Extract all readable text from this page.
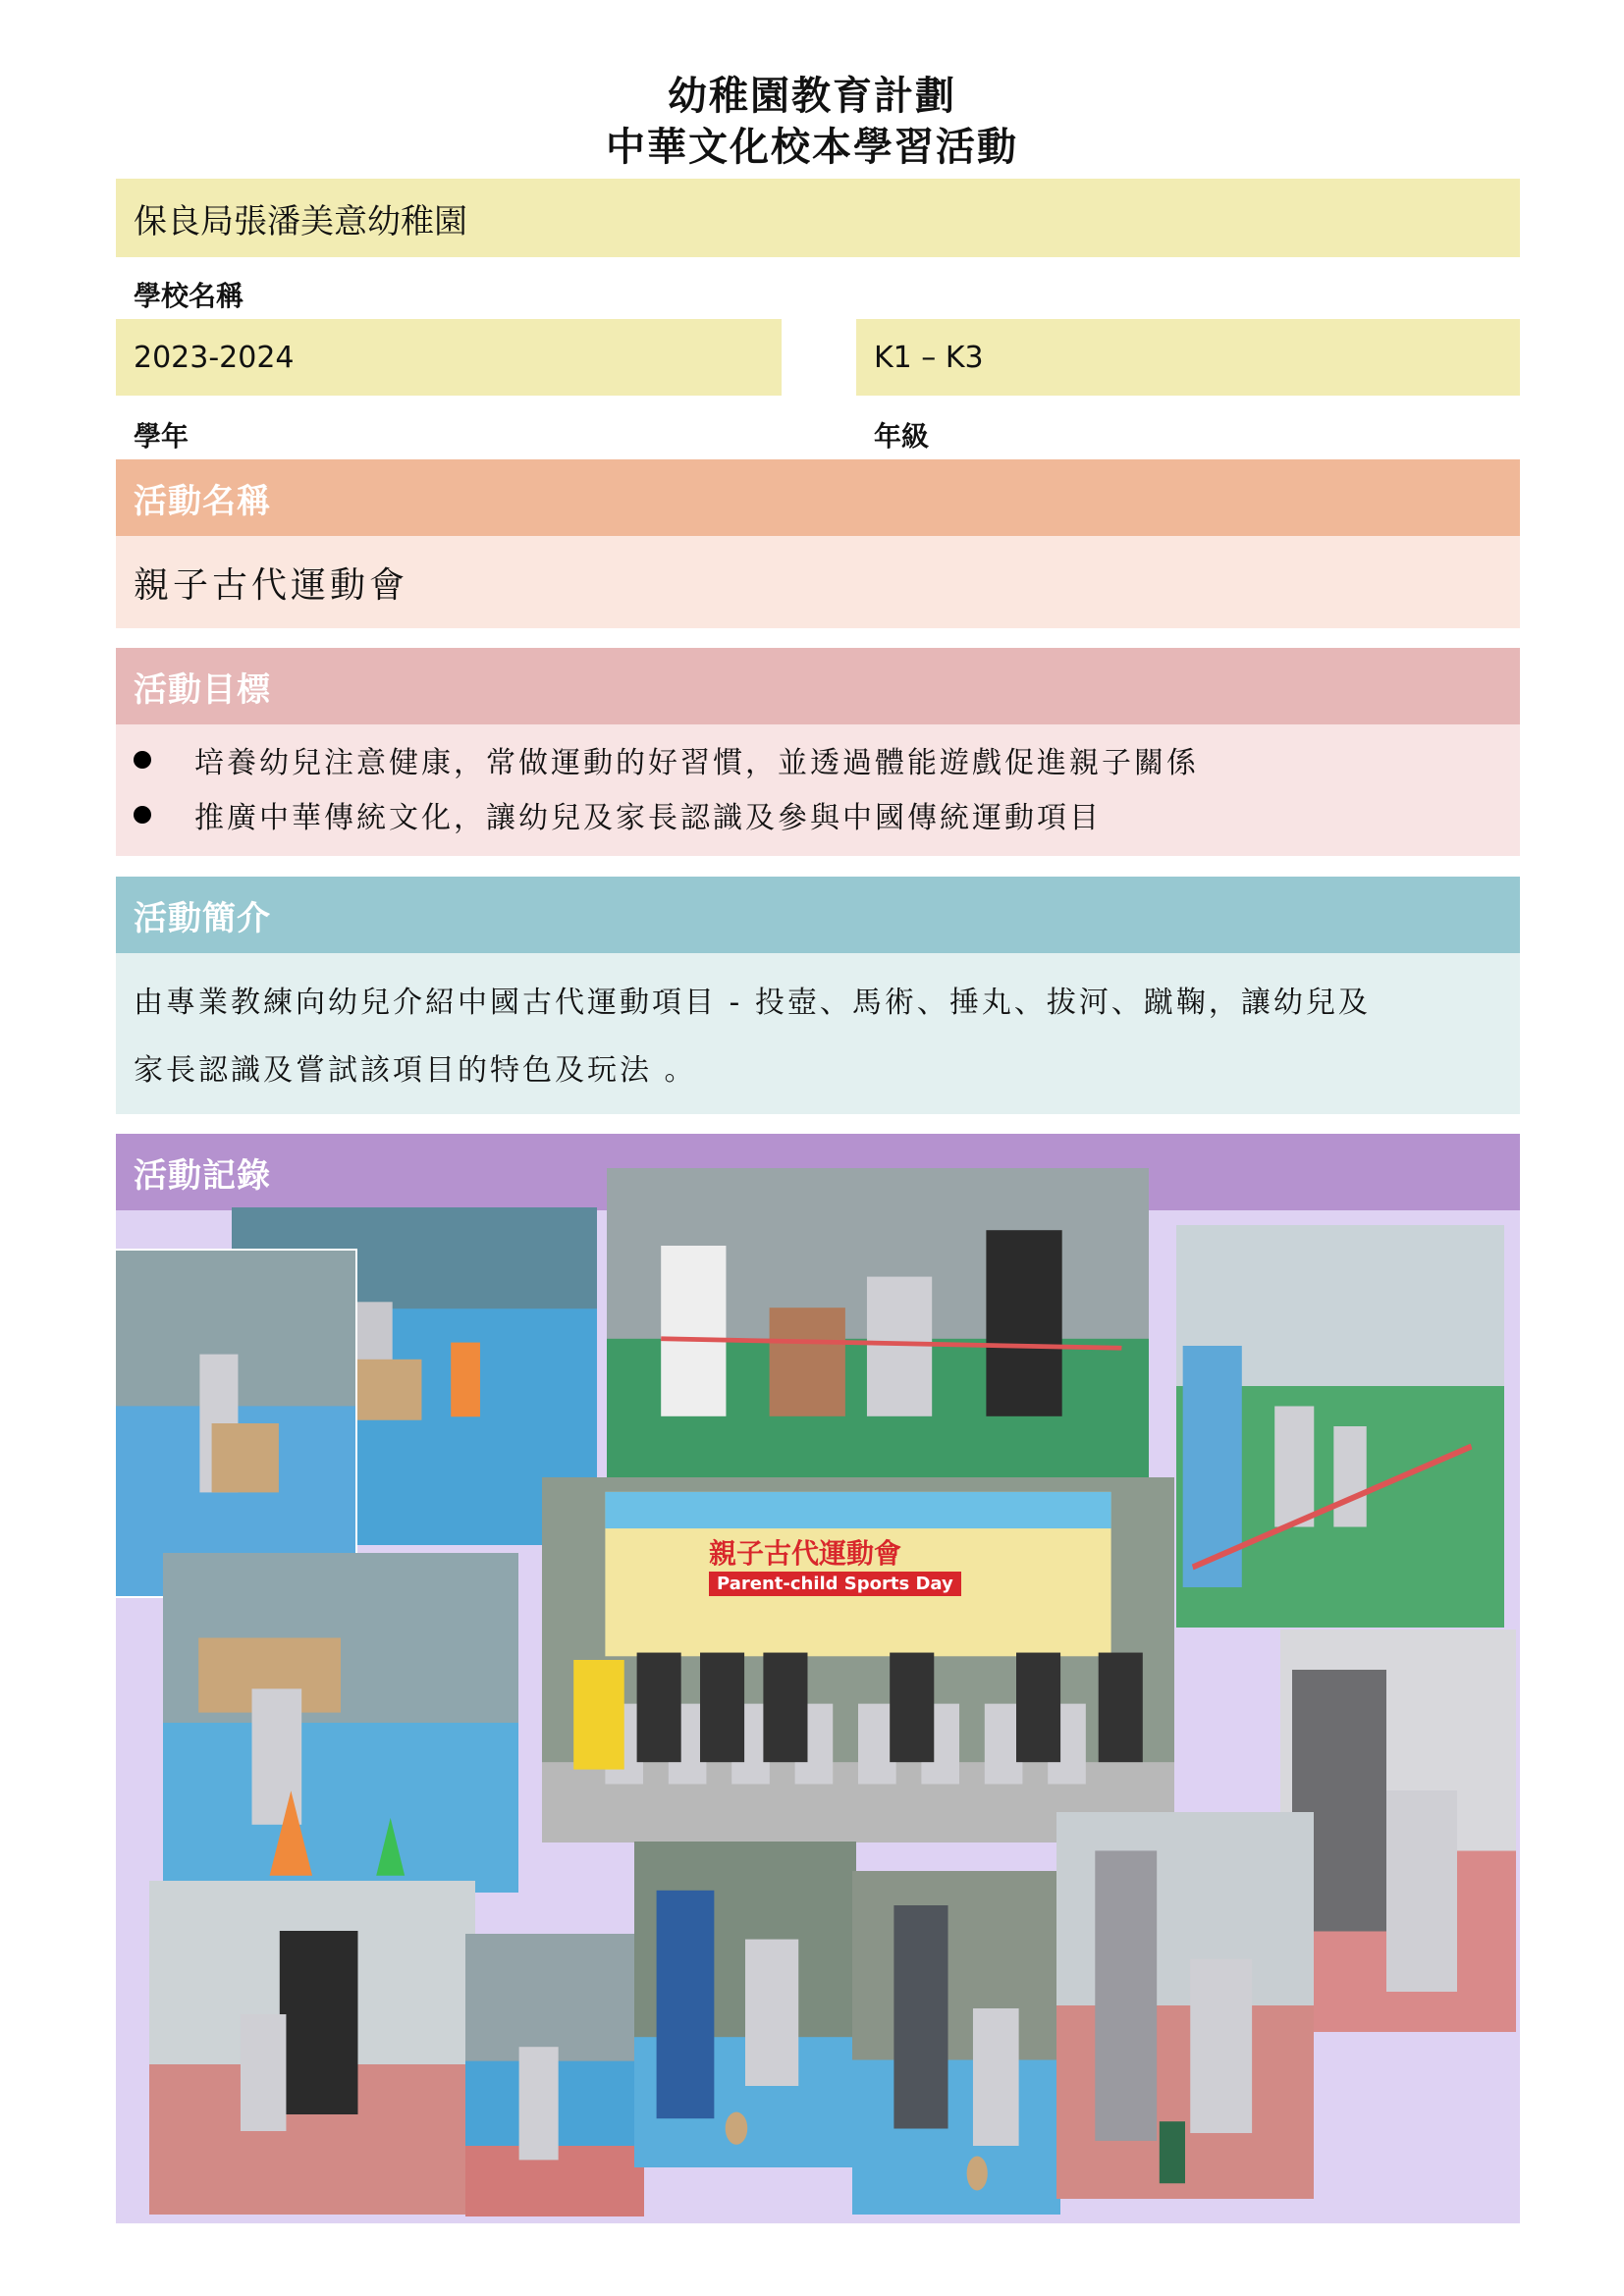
幼稚園教育計劃
中華文化校本學習活動
保良局張潘美意幼稚園
學校名稱
2023-2024	K1 – K3
學年	年級
活動名稱
親子古代運動會
活動目標
培養幼兒注意健康，常做運動的好習慣，並透過體能遊戲促進親子關係
推廣中華傳統文化，讓幼兒及家長認識及參與中國傳統運動項目
活動簡介
由專業教練向幼兒介紹中國古代運動項目 - 投壺、馬術、捶丸、拔河、蹴鞠，讓幼兒及
家長認識及嘗試該項目的特色及玩法 。
活動記錄
親子古代運動會
Parent-child Sports Day
